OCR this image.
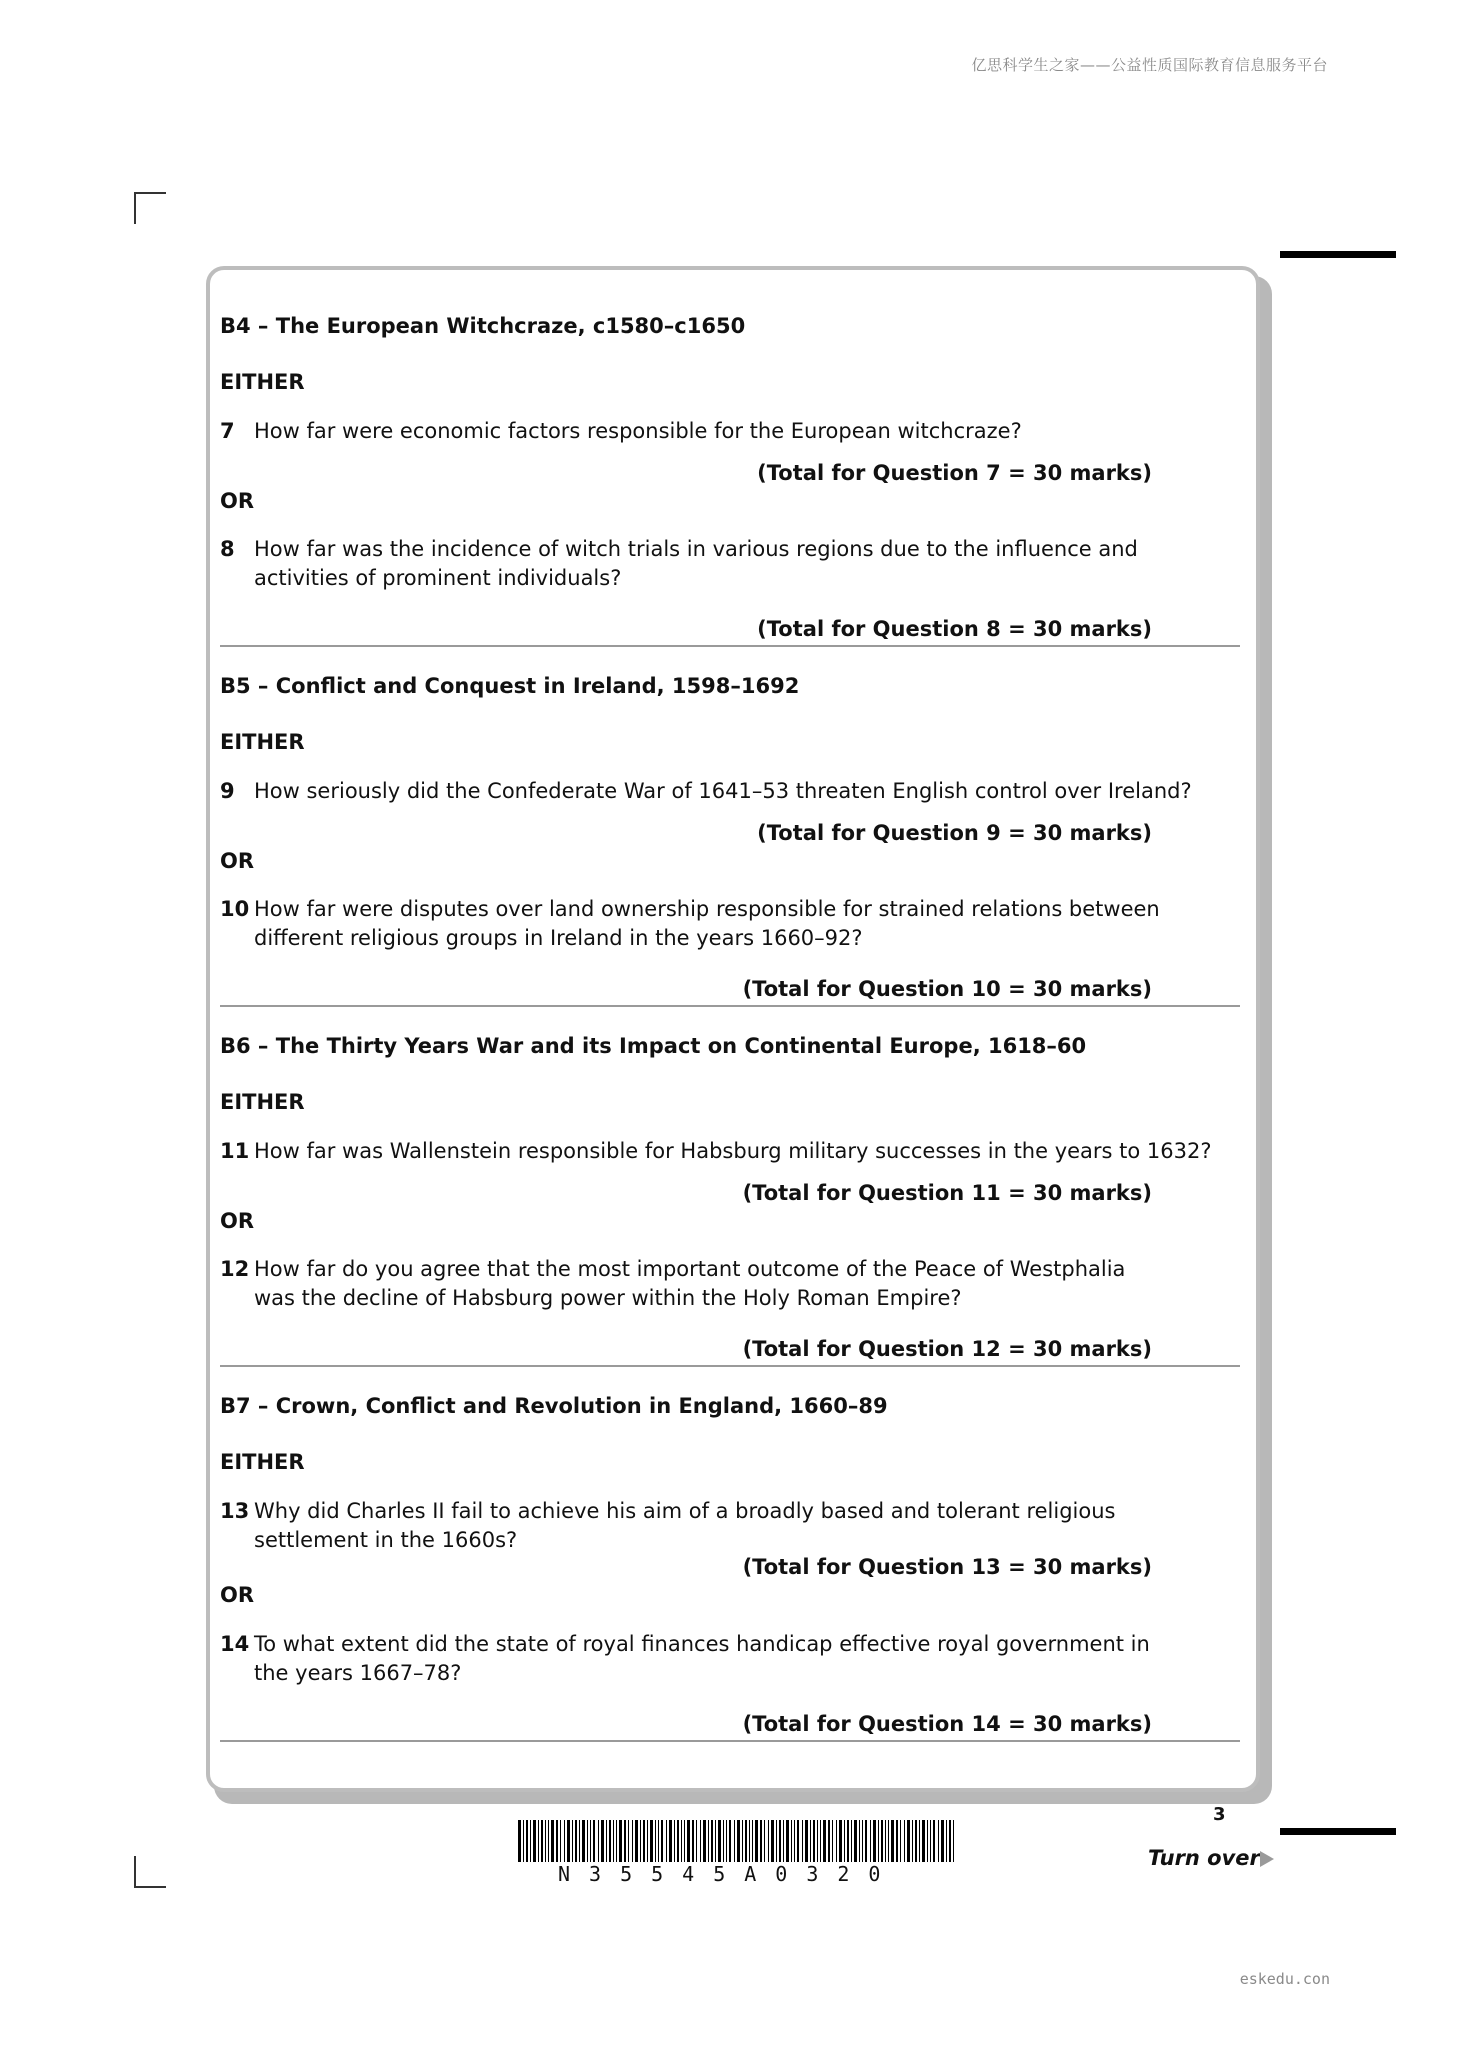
亿思科学生之家——公益性质国际教育信息服务平台
B4 – The European Witchcraze, c1580–c1650
EITHER
7 How far were economic factors responsible for the European witchcraze?
(Total for Question 7 = 30 marks)
OR
8 How far was the incidence of witch trials in various regions due to the influence and
activities of prominent individuals?
(Total for Question 8 = 30 marks)
B5 – Conflict and Conquest in Ireland, 1598–1692
EITHER
9 How seriously did the Confederate War of 1641–53 threaten English control over Ireland?
(Total for Question 9 = 30 marks)
OR
10 How far were disputes over land ownership responsible for strained relations between
different religious groups in Ireland in the years 1660–92?
(Total for Question 10 = 30 marks)
B6 – The Thirty Years War and its Impact on Continental Europe, 1618–60
EITHER
11 How far was Wallenstein responsible for Habsburg military successes in the years to 1632?
(Total for Question 11 = 30 marks)
OR
12 How far do you agree that the most important outcome of the Peace of Westphalia
was the decline of Habsburg power within the Holy Roman Empire?
(Total for Question 12 = 30 marks)
B7 – Crown, Conflict and Revolution in England, 1660–89
EITHER
13 Why did Charles II fail to achieve his aim of a broadly based and tolerant religious
settlement in the 1660s?
(Total for Question 13 = 30 marks)
OR
14 To what extent did the state of royal finances handicap effective royal government in
the years 1667–78?
(Total for Question 14 = 30 marks)
3
N35545A0320
Turn over
eskedu.con
